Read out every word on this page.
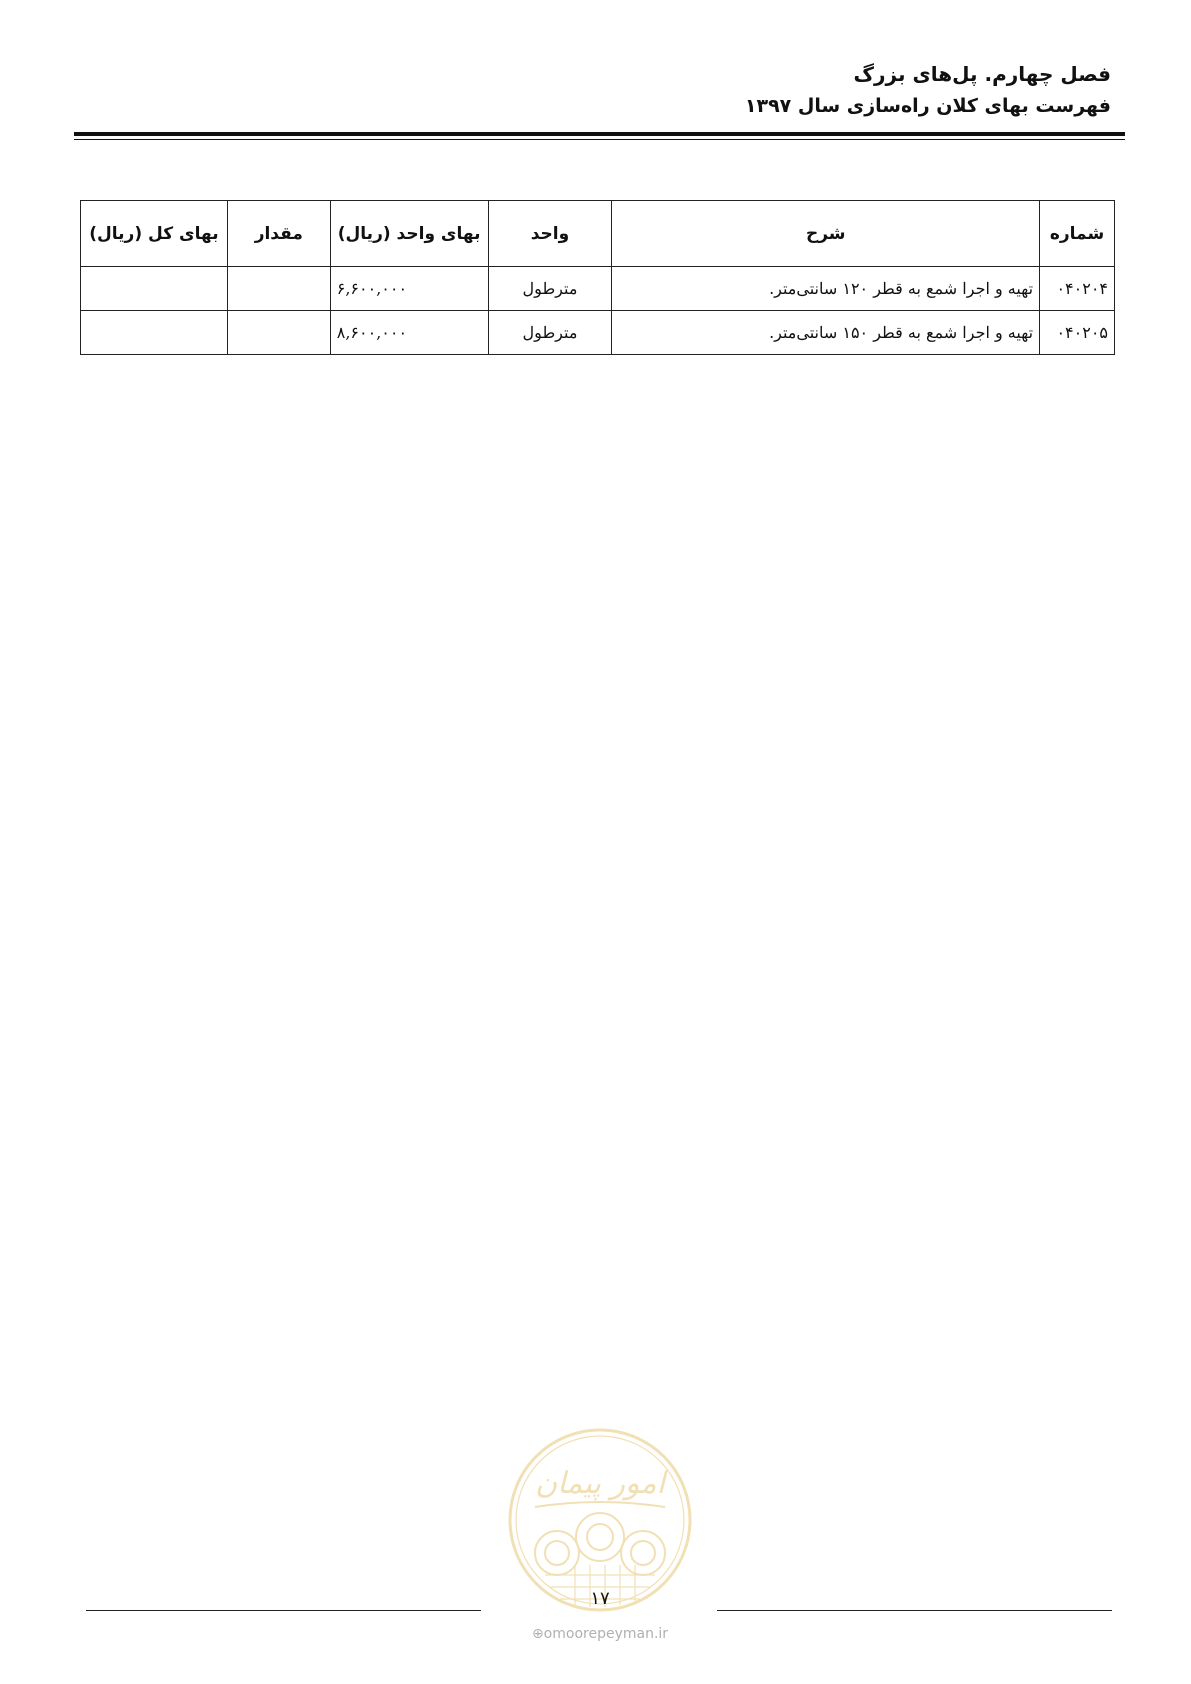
فصل چهارم. پل‌های بزرگ
فهرست بهای کلان راه‌سازی سال ۱۳۹۷
شماره	شرح	واحد	بهای واحد (ریال)	مقدار	بهای کل (ریال)
۰۴۰۲۰۴	تهیه و اجرا شمع به قطر ۱۲۰ سانتی‌متر.	مترطول	۶,۶۰۰,۰۰۰		
۰۴۰۲۰۵	تهیه و اجرا شمع به قطر ۱۵۰ سانتی‌متر.	مترطول	۸,۶۰۰,۰۰۰		
امور پیمان
۱۷
⊕omoorepeyman.ir
